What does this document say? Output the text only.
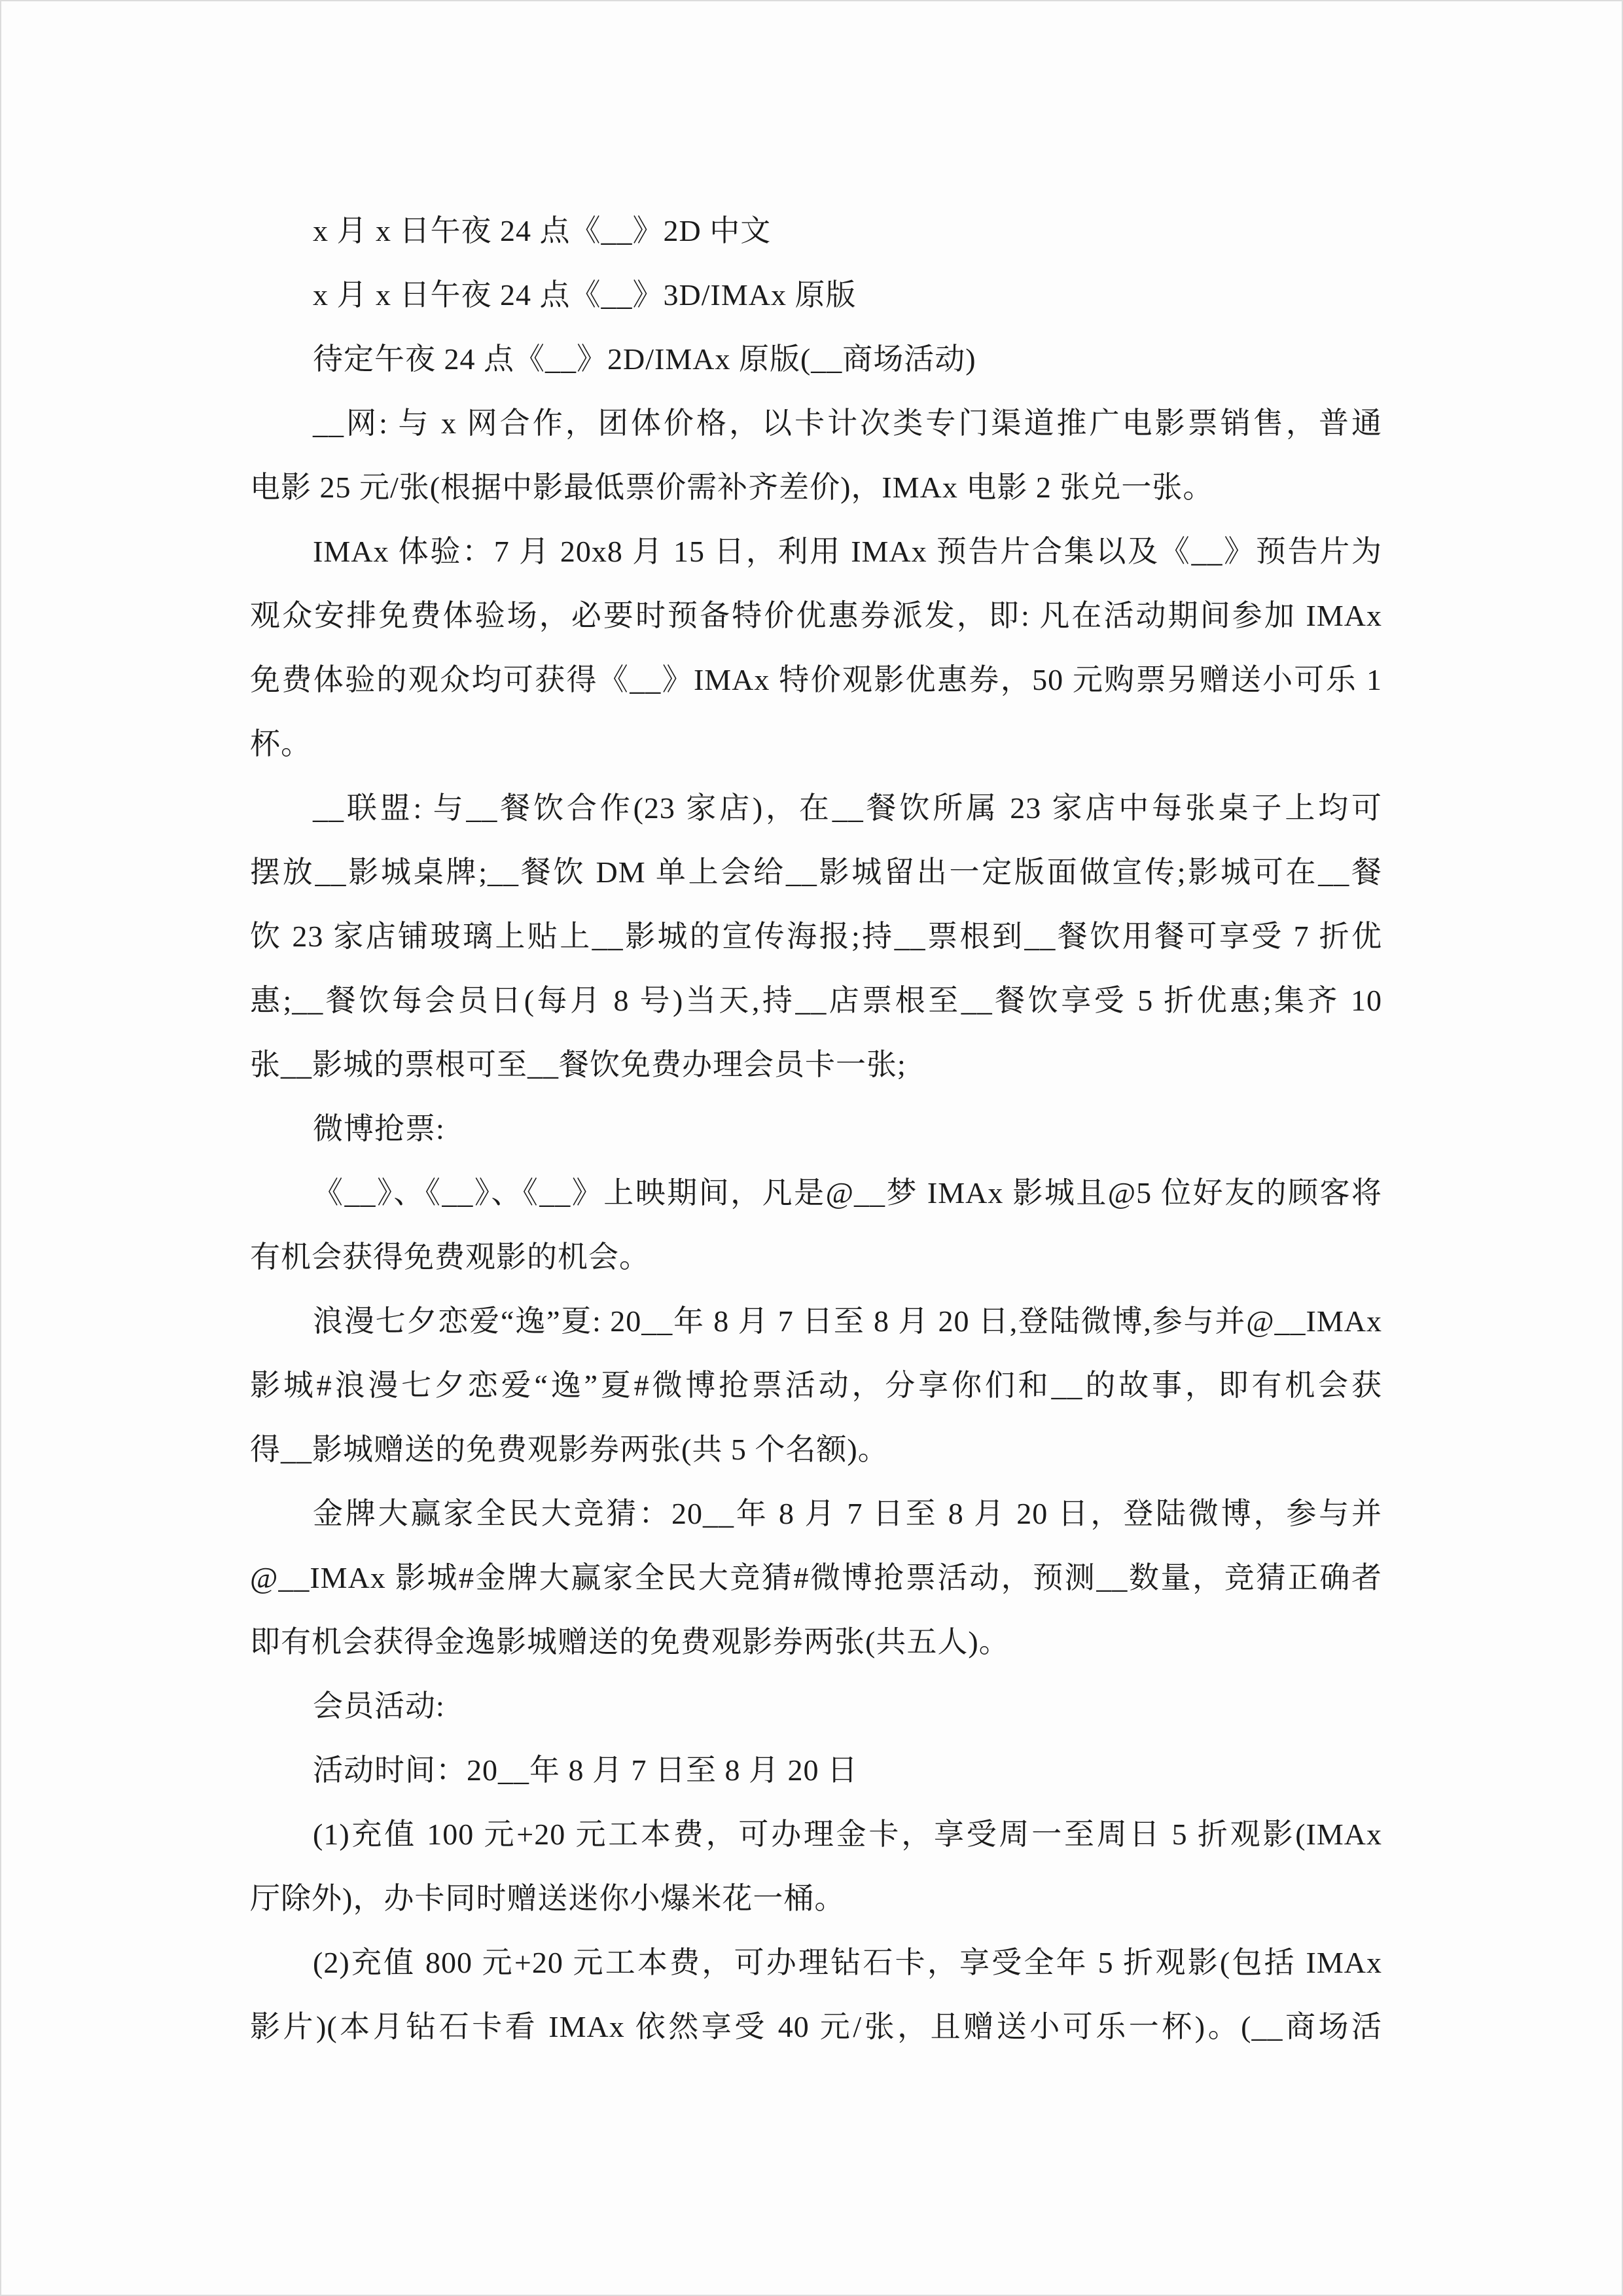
x 月 x 日午夜 24 点《__》2D 中文
x 月 x 日午夜 24 点《__》3D/IMAx 原版
待定午夜 24 点《__》2D/IMAx 原版(__商场活动)
__网: 与 x 网合作，团体价格，以卡计次类专门渠道推广电影票销售，普通
电影 25 元/张(根据中影最低票价需补齐差价)，IMAx 电影 2 张兑一张。
IMAx 体验：7 月 20x8 月 15 日，利用 IMAx 预告片合集以及《__》预告片为
观众安排免费体验场，必要时预备特价优惠券派发，即: 凡在活动期间参加 IMAx
免费体验的观众均可获得《__》IMAx 特价观影优惠券，50 元购票另赠送小可乐 1
杯。
__联盟: 与__餐饮合作(23 家店)，在__餐饮所属 23 家店中每张桌子上均可
摆放__影城桌牌;__餐饮 DM 单上会给__影城留出一定版面做宣传;影城可在__餐
饮 23 家店铺玻璃上贴上__影城的宣传海报;持__票根到__餐饮用餐可享受 7 折优
惠;__餐饮每会员日(每月 8 号)当天,持__店票根至__餐饮享受 5 折优惠;集齐 10
张__影城的票根可至__餐饮免费办理会员卡一张;
微博抢票:
《__》、《__》、《__》上映期间，凡是@__梦 IMAx 影城且@5 位好友的顾客将
有机会获得免费观影的机会。
浪漫七夕恋爱“逸”夏: 20__年 8 月 7 日至 8 月 20 日,登陆微博,参与并@__IMAx
影城#浪漫七夕恋爱“逸”夏#微博抢票活动，分享你们和__的故事，即有机会获
得__影城赠送的免费观影券两张(共 5 个名额)。
金牌大赢家全民大竞猜：20__年 8 月 7 日至 8 月 20 日，登陆微博，参与并
@__IMAx 影城#金牌大赢家全民大竞猜#微博抢票活动，预测__数量，竞猜正确者
即有机会获得金逸影城赠送的免费观影券两张(共五人)。
会员活动:
活动时间：20__年 8 月 7 日至 8 月 20 日
(1)充值 100 元+20 元工本费，可办理金卡，享受周一至周日 5 折观影(IMAx
厅除外)，办卡同时赠送迷你小爆米花一桶。
(2)充值 800 元+20 元工本费，可办理钻石卡，享受全年 5 折观影(包括 IMAx
影片)(本月钻石卡看 IMAx 依然享受 40 元/张，且赠送小可乐一杯)。(__商场活
